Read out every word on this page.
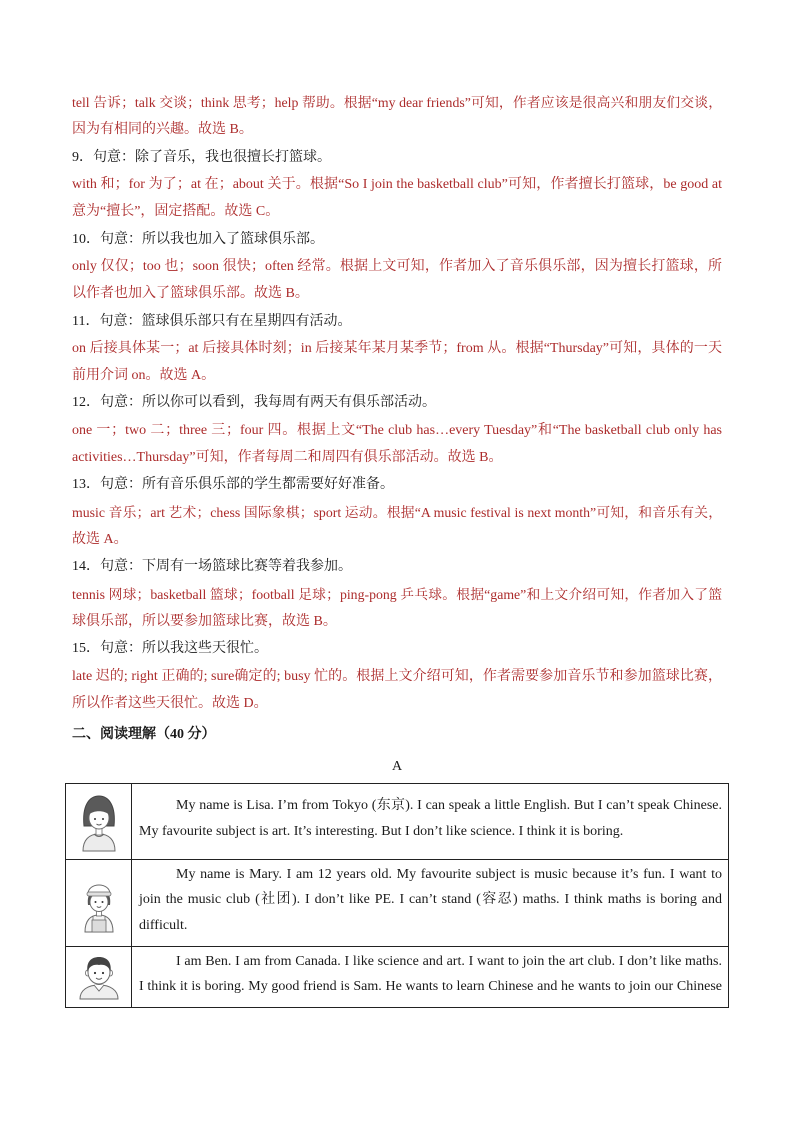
tell 告诉；talk 交谈；think 思考；help 帮助。根据“my dear friends”可知，作者应该是很高兴和朋友们交谈，
因为有相同的兴趣。故选 B。
9．句意：除了音乐，我也很擅长打篮球。
with 和；for 为了；at 在；about 关于。根据“So I join the basketball club”可知，作者擅长打篮球，be good at
意为“擅长”，固定搭配。故选 C。
10．句意：所以我也加入了篮球俱乐部。
only 仅仅；too 也；soon 很快；often 经常。根据上文可知，作者加入了音乐俱乐部，因为擅长打篮球，所
以作者也加入了篮球俱乐部。故选 B。
11．句意：篮球俱乐部只有在星期四有活动。
on 后接具体某一；at 后接具体时刻；in 后接某年某月某季节；from 从。根据“Thursday”可知，具体的一天
前用介词 on。故选 A。
12．句意：所以你可以看到，我每周有两天有俱乐部活动。
one 一；two 二；three 三；four 四。根据上文“The club has…every Tuesday”和“The basketball club only has
activities…Thursday”可知，作者每周二和周四有俱乐部活动。故选 B。
13．句意：所有音乐俱乐部的学生都需要好好准备。
music 音乐；art 艺术；chess 国际象棋；sport 运动。根据“A music festival is next month”可知，和音乐有关，
故选 A。
14．句意：下周有一场篮球比赛等着我参加。
tennis 网球；basketball 篮球；football 足球；ping-pong 乒乓球。根据“game”和上文介绍可知，作者加入了篮
球俱乐部，所以要参加篮球比赛，故选 B。
15．句意：所以我这些天很忙。
late 迟的; right 正确的; sure确定的; busy 忙的。根据上文介绍可知，作者需要参加音乐节和参加篮球比赛，
所以作者这些天很忙。故选 D。
二、阅读理解（40 分）
A
My name is Lisa. I’m from Tokyo (东京). I can speak a little English. But I can’t speak Chinese.
My favourite subject is art. It’s interesting. But I don’t like science. I think it is boring.
My name is Mary. I am 12 years old. My favourite subject is music because it’s fun. I want to
join the music club (社团). I don’t like PE. I can’t stand (容忍) maths. I think maths is boring and
difficult.
I am Ben. I am from Canada. I like science and art. I want to join the art club. I don’t like maths.
I think it is boring. My good friend is Sam. He wants to learn Chinese and he wants to join our Chinese
